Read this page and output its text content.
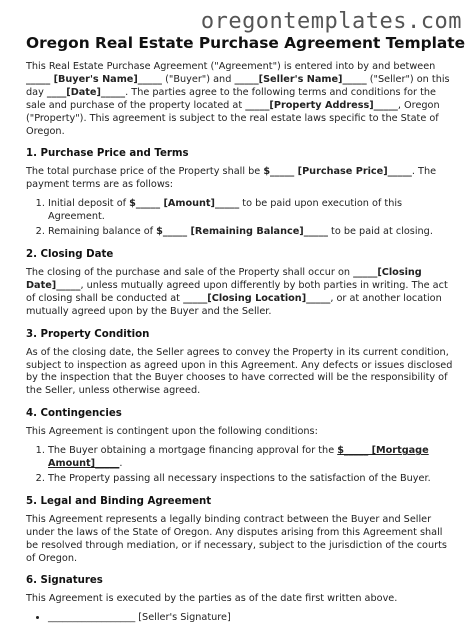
oregontemplates.com
Oregon Real Estate Purchase Agreement Template

This Real Estate Purchase Agreement ("Agreement") is entered into by and between _____ [Buyer's Name]_____ ("Buyer") and _____[Seller's Name]_____ ("Seller") on this day ____[Date]_____. The parties agree to the following terms and conditions for the sale and purchase of the property located at _____[Property Address]_____, Oregon ("Property"). This agreement is subject to the real estate laws specific to the State of Oregon.

1. Purchase Price and Terms

The total purchase price of the Property shall be $_____ [Purchase Price]_____. The payment terms are as follows:

1. Initial deposit of $_____ [Amount]_____ to be paid upon execution of this Agreement.
2. Remaining balance of $_____ [Remaining Balance]_____ to be paid at closing.
2. Closing Date

The closing of the purchase and sale of the Property shall occur on _____[Closing Date]_____, unless mutually agreed upon differently by both parties in writing. The act of closing shall be conducted at _____[Closing Location]_____, or at another location mutually agreed upon by the Buyer and the Seller.

3. Property Condition

As of the closing date, the Seller agrees to convey the Property in its current condition, subject to inspection as agreed upon in this Agreement. Any defects or issues disclosed by the inspection that the Buyer chooses to have corrected will be the responsibility of the Seller, unless otherwise agreed.

4. Contingencies

This Agreement is contingent upon the following conditions:

1. The Buyer obtaining a mortgage financing approval for the $_____ [Mortgage Amount]_____.
2. The Property passing all necessary inspections to the satisfaction of the Buyer.
5. Legal and Binding Agreement

This Agreement represents a legally binding contract between the Buyer and Seller under the laws of the State of Oregon. Any disputes arising from this Agreement shall be resolved through mediation, or if necessary, subject to the jurisdiction of the courts of Oregon.

6. Signatures

This Agreement is executed by the parties as of the date first written above.

• __________________ [Seller's Signature]
